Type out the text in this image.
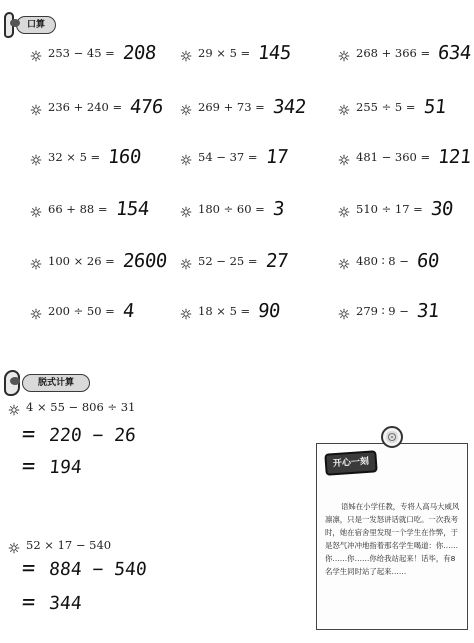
口算
253 − 45 = 208	29 × 5 = 145	268 + 366 = 634
236 + 240 = 476	269 + 73 = 342	255 ÷ 5 = 51
32 × 5 = 160	54 − 37 = 17	481 − 360 = 121
66 + 88 = 154	180 ÷ 60 = 3	510 ÷ 17 = 30
100 × 26 = 2600	52 − 25 = 27	480 ∶ 8 − 60
200 ÷ 50 = 4	18 × 5 = 90	279 ∶ 9 − 31
脱式计算
4 × 55 − 806 ÷ 31
= 220 − 26
= 194
52 × 17 − 540
= 884 − 540
= 344
开心一刻
语姊在小学任教，专将人高马大威风凛凛，只是一发怒讲话就口吃。一次我考时，她在宿舍里发现一个学生在作弊，于是怒气冲冲地指着那名学生喝道：你……你……你……你给我站起来！话毕，有8名学生同时站了起来……
